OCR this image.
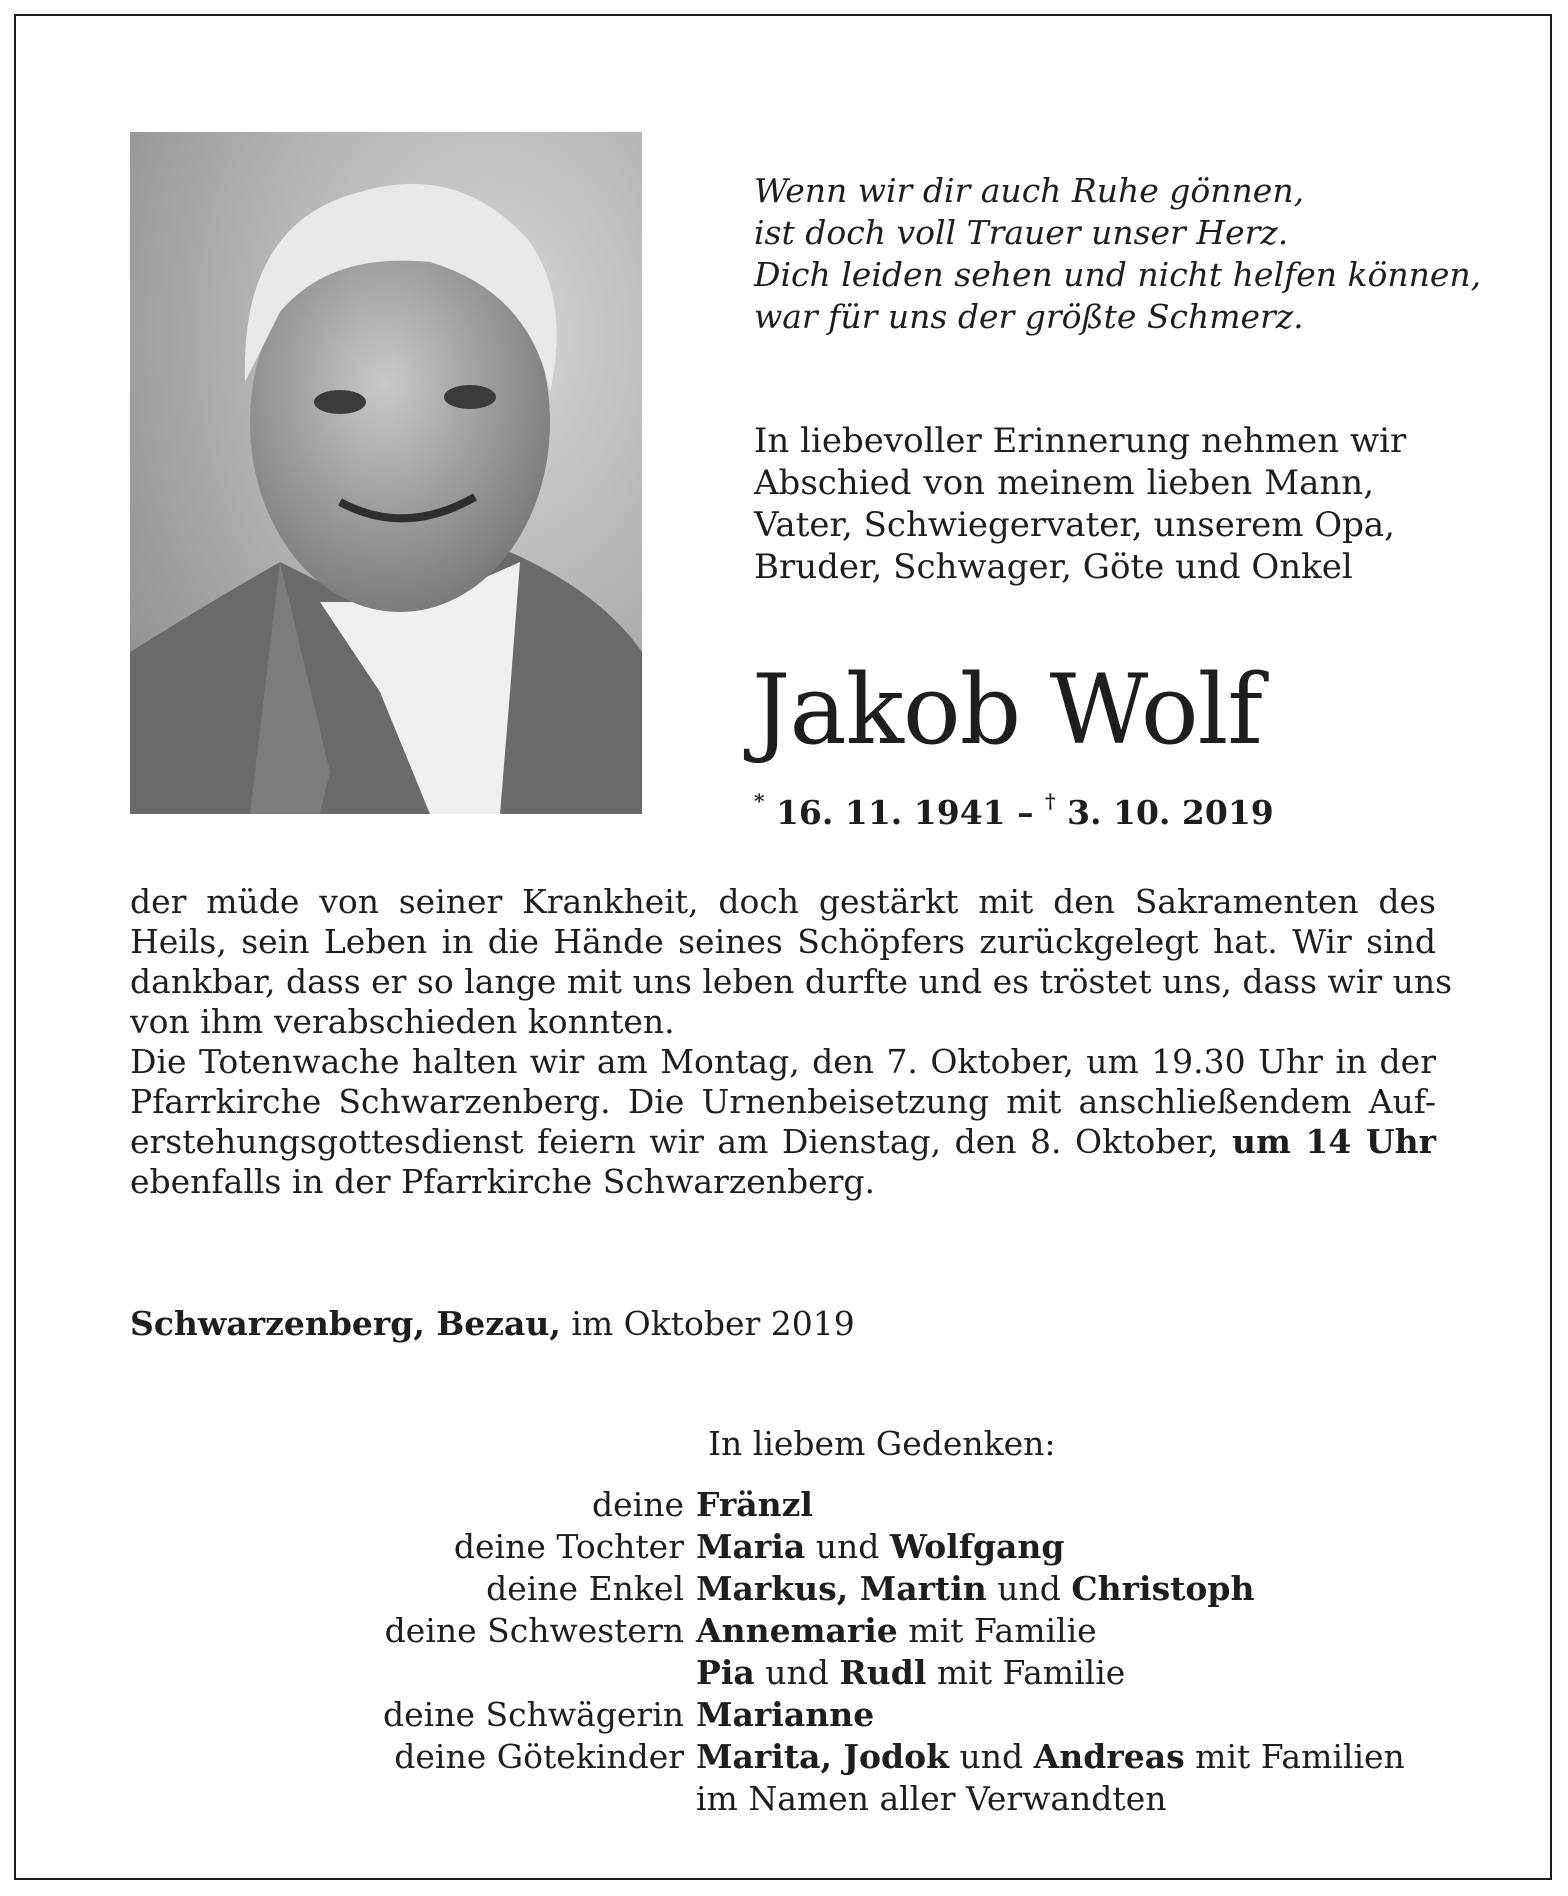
Wenn wir dir auch Ruhe gönnen,
ist doch voll Trauer unser Herz.
Dich leiden sehen und nicht helfen können,
war für uns der größte Schmerz.
In liebevoller Erinnerung nehmen wir
Abschied von meinem lieben Mann,
Vater, Schwiegervater, unserem Opa,
Bruder, Schwager, Göte und Onkel
Jakob Wolf
* 16. 11. 1941 – † 3. 10. 2019
der müde von seiner Krankheit, doch gestärkt mit den Sakramenten des
Heils, sein Leben in die Hände seines Schöpfers zurückgelegt hat. Wir sind
dankbar, dass er so lange mit uns leben durfte und es tröstet uns, dass wir uns
von ihm verabschieden konnten.
Die Totenwache halten wir am Montag, den 7. Oktober, um 19.30 Uhr in der
Pfarrkirche Schwarzenberg. Die Urnenbeisetzung mit anschließendem Auf-
erstehungsgottesdienst feiern wir am Dienstag, den 8. Oktober, um 14 Uhr
ebenfalls in der Pfarrkirche Schwarzenberg.
Schwarzenberg, Bezau, im Oktober 2019
In liebem Gedenken:
deine Fränzl
deine Tochter Maria und Wolfgang
deine Enkel Markus, Martin und Christoph
deine Schwestern Annemarie mit Familie
Pia und Rudl mit Familie
deine Schwägerin Marianne
deine Götekinder Marita, Jodok und Andreas mit Familien
im Namen aller Verwandten
